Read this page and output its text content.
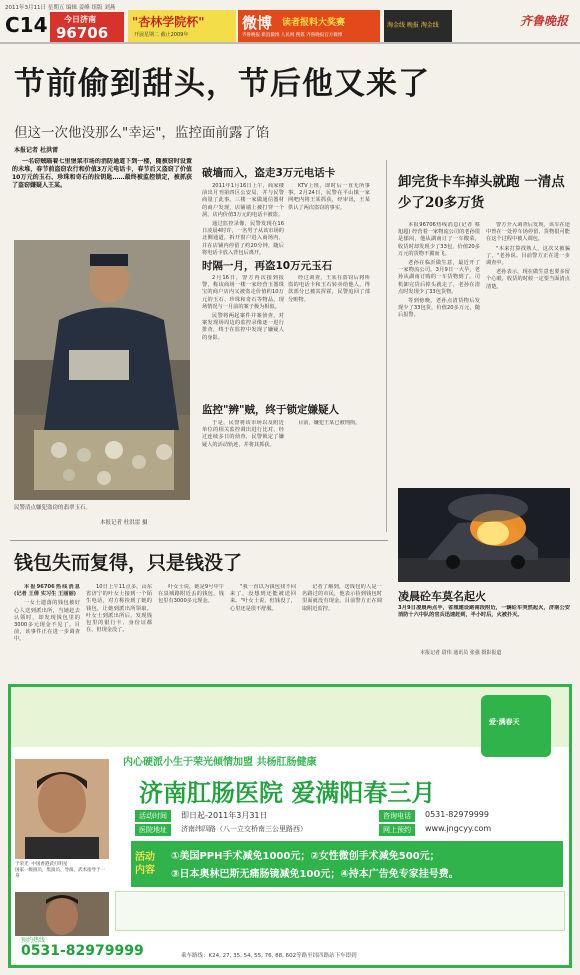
2011年3月11日 星期五 编辑 姜峰 组版 刘燕
C14 今日济南
96706
"杏林学院杯"
开展星期二 截止2009年
微博 读者报料大奖赛
齐鲁晚报 新浪微博 人民网 搜狐 齐鲁晚报官方微博
淘金线 晚报 淘金线	齐鲁晚报
节前偷到甜头，节后他又来了
但这一次他没那么"幸运"，监控面前露了馅
本报记者 杜洪雷

一名窃贼瞄着七里堡菜市场的消防通道下到一楼，随被窃时设置的未堆，春节前盗窃农行和价值3万元电话卡，春节后又盗窃了价值10万元的玉石、珍珠和奇石的拉钥匙……最终被监控锁定，被抓获了盗窃嫌疑人王某。

民警清点嫌犯盗窃的翡翠玉石。
本报记者 杜洪雷 摄
破墙而入，盗走3万元电话卡

2011年1月16日上午，商家楼前出月刊第四区公安局，并与民警商量了此事。三楼一家做通信器材的商户发现，店铺墙上被打穿一个洞，店内价值3万元的电话卡被盗。

通过监控录像，民警发现在16日凌晨4时许，一名男子从该市场的北侧通道，拆开窗户进入商场内，并在店铺内停留了约20分钟，随后将电话卡放入背包后离开。

时隔一月，再盗10万元玉石

2月16日，警方再次接到报警，称该商场一楼一家经营玉器珠宝的商户店内又被盗走价值约10万元的玉石、珍珠和奇石等物品，现场情况与一月前的案子极为相似。

民警将两起案件并案侦查，对案发现场周边的监控录像逐一进行排查，终于在监控中发现了嫌疑人的身影。

监控"辨"贼，终于锁定嫌疑人

于是，民警将该市场以及附近单位的相关监控调出进行比对，经过连续多日的侦查，民警锁定了嫌疑人的活动轨迹，并将其抓获。

KTV上班，即时后一直无所事事。2月24日，民警在平山镇一家网吧内将王某抓获，经审讯，王某供认了两次盗窃的事实。

经过调查，王某在盗窃后将所盗的电话卡和玉石转卖给他人，得款部分已被其挥霍，民警追回了部分赃物。

目前，嫌犯王某已被刑拘。

卸完货卡车掉头就跑 一清点少了20多万货

本报96706热线消息(记者 蔡旭超) 经营着一家物流公司的老孙很是郁闷，他从湖南订了一车酸菜，收货时却发现少了33包，价值20多万元的货物不翼而飞。

老孙在临沂做生意，最近开了一家物流公司。3月9日一大早，老孙从湖南订购的一车货物到了。司机卸完货后掉头就走了，老孙在清点时发现少了33包货物。

等到傍晚，老孙点清货物后发现少了33包货，价值20多万元，随后报警。

警方介入调查后发现，该车在途中曾在一处停车场停留，货物很可能在这个过程中被人调包。

"本来打算找熟人，这次又被骗了。"老孙说。目前警方正在进一步调查中。

老孙表示，现在做生意也要多留个心眼，收货的时候一定要当面清点清楚。

凌晨砼车莫名起火

3月9日凌晨两点半，省城建设路南段附近，一辆砼车突然起火，济南公安消防十六中队的官兵迅速赶到，半小时后，火被扑灭。

本报记者 尉伟 通讯员 张强 摄影报道
钱包失而复得，只是钱没了

本报96706热线消息(记者 王倩 实习生 王丽丽)

一女士遗落的钱包被好心人送到派出所，当她赶去认领时，却发现钱包里的3000多元现金不见了。目前，该事件正在进一步调查中。

10日上午11点多，山东省济宁的叶女士接到一个陌生电话，对方称捡到了她的钱包，让她到派出所领取。叶女士到派出所后，发现钱包里的银行卡、身份证都在，但现金没了。

叶女士说，她是9号中午在泉城路附近丢的钱包，钱包里有3000多元现金。

"我一直以为钱包找不回来了，没想到还能被送回来。"叶女士说，但钱没了，心里还是很不舒服。

记者了解到，送钱包的人是一名路过的市民，他表示捡到钱包时里面就没有现金。目前警方正在调取附近监控。

爱·满春天
内心硬派小生于荣光倾情加盟 共杨肛肠健康
济南肛肠医院 爱满阳春三月
于荣光  中国香港武打明星
国家一级演员，集演员、导演、武术指导于一身
活动时间	即日起-2011年3月31日
医院地址	济南纬四路（八一立交桥南三公里路西）
咨询电话	0531-82979999
网上预约	www.jngcyy.com
活动内容
①美国PPH手术减免1000元；②女性微创手术减免500元；
③日本奥林巴斯无痛肠镜减免100元；④持本广告免专家挂号费。
预约热线
0531-82979999	乘车路线：K24, 27, 35, 54, 55, 76, 88, 602等路至纬四路站下车即到
